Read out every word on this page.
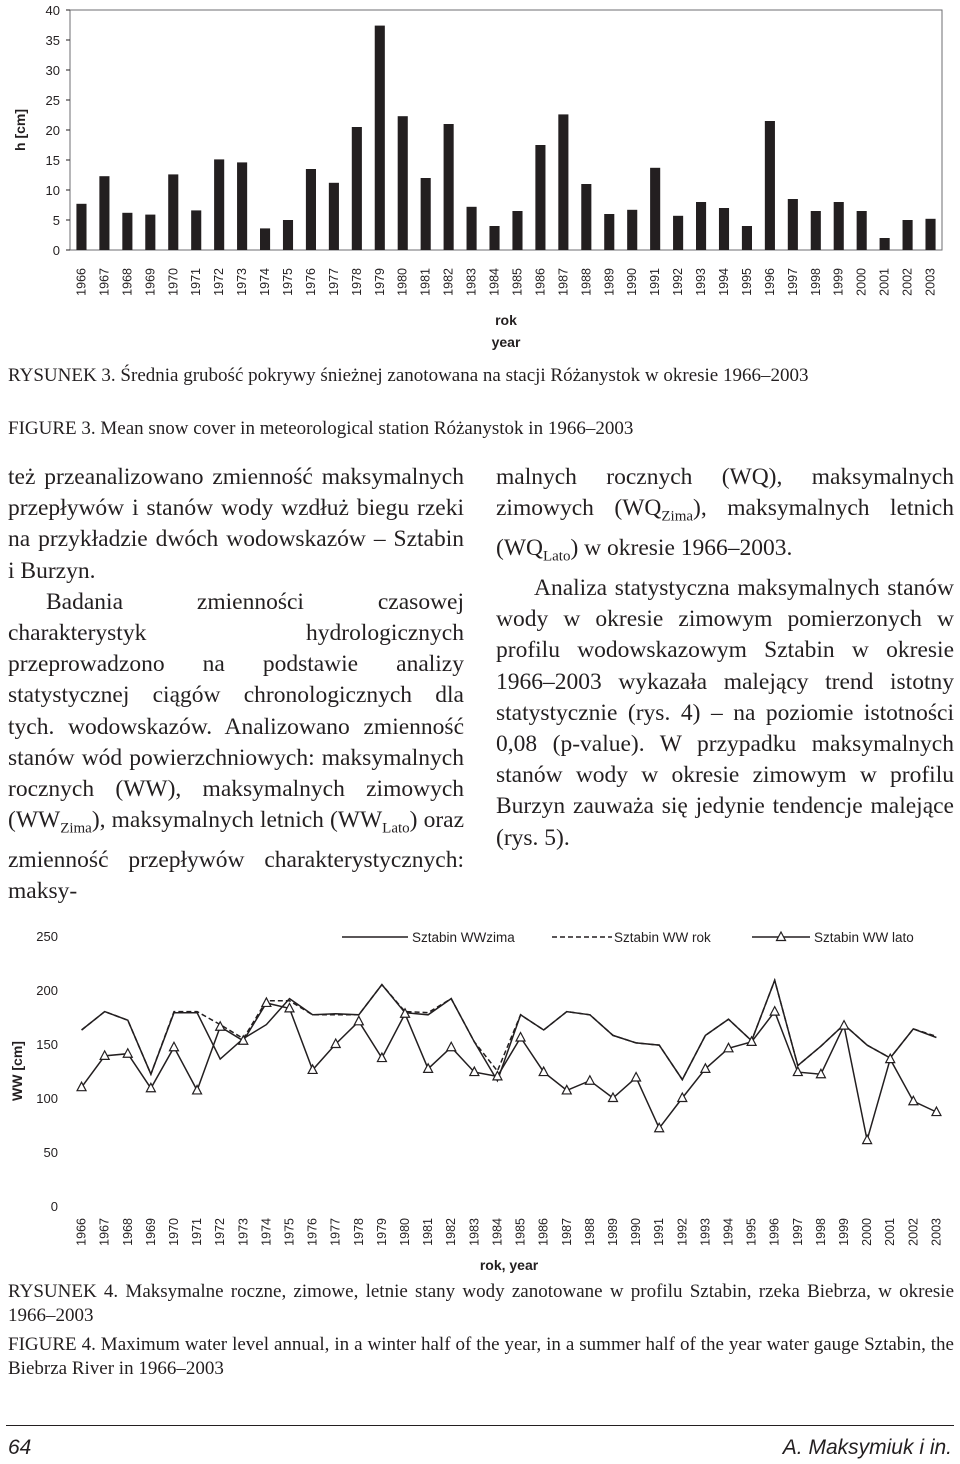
0
5
10
15
20
25
30
35
40
h [cm]
1966 1967 1968 1969 1970 1971 1972 1973 1974 1975 1976 1977 1978 1979 1980 1981 1982 1983 1984 1985 1986 1987 1988 1989 1990 1991 1992 1993 1994 1995 1996 1997 1998 1999 2000 2001 2002 2003
rok
year
RYSUNEK 3. Średnia grubość pokrywy śnieżnej zanotowana na stacji Różanystok w okresie 1966–2003
FIGURE 3. Mean snow cover in meteorological station Różanystok in 1966–2003

też przeanalizowano zmienność maksymalnych przepływów i stanów wody wzdłuż biegu rzeki na przykładzie dwóch wodowskazów – Sztabin i Burzyn.

Badania zmienności czasowej charakterystyk hydrologicznych przeprowadzono na podstawie analizy statystycznej ciągów chronologicznych dla tych. wodowskazów. Analizowano zmienność stanów wód powierzchniowych: maksymalnych rocznych (WW), maksymalnych zimowych $(WW_{Zima})$, maksymalnych letnich $(WW_{Lato})$ oraz zmienność przepływów charakterystycznych: maksy-

malnych rocznych (WQ), maksymalnych zimowych $(WQ_{Zima})$, maksymalnych letnich $(WQ_{Lato})$ w okresie 1966–2003.

Analiza statystyczna maksymalnych stanów wody w okresie zimowym pomierzonych w profilu wodowskazowym Sztabin w okresie 1966–2003 wykazała malejący trend istotny statystycznie (rys. 4) – na poziomie istotności 0,08 (p-value). W przypadku maksymalnych stanów wody w okresie zimowym w profilu Burzyn zauważa się jedynie tendencje malejące (rys. 5).

0
50
100
150
200
250
WW [cm]
1966 1967 1968 1969 1970 1971 1972 1973 1974 1975 1976 1977 1978 1979 1980 1981 1982 1983 1984 1985 1986 1987 1988 1989 1990 1991 1992 1993 1994 1995 1996 1997 1998 1999 2000 2001 2002 2003
rok, year
Sztabin WWzima	Sztabin WW rok	Sztabin WW lato
RYSUNEK 4. Maksymalne roczne, zimowe, letnie stany wody zanotowane w profilu Sztabin, rzeka Biebrza, w okresie 1966–2003
FIGURE 4. Maximum water level annual, in a winter half of the year, in a summer half of the year water gauge Sztabin, the Biebrza River in 1966–2003
64	A. Maksymiuk i in.
